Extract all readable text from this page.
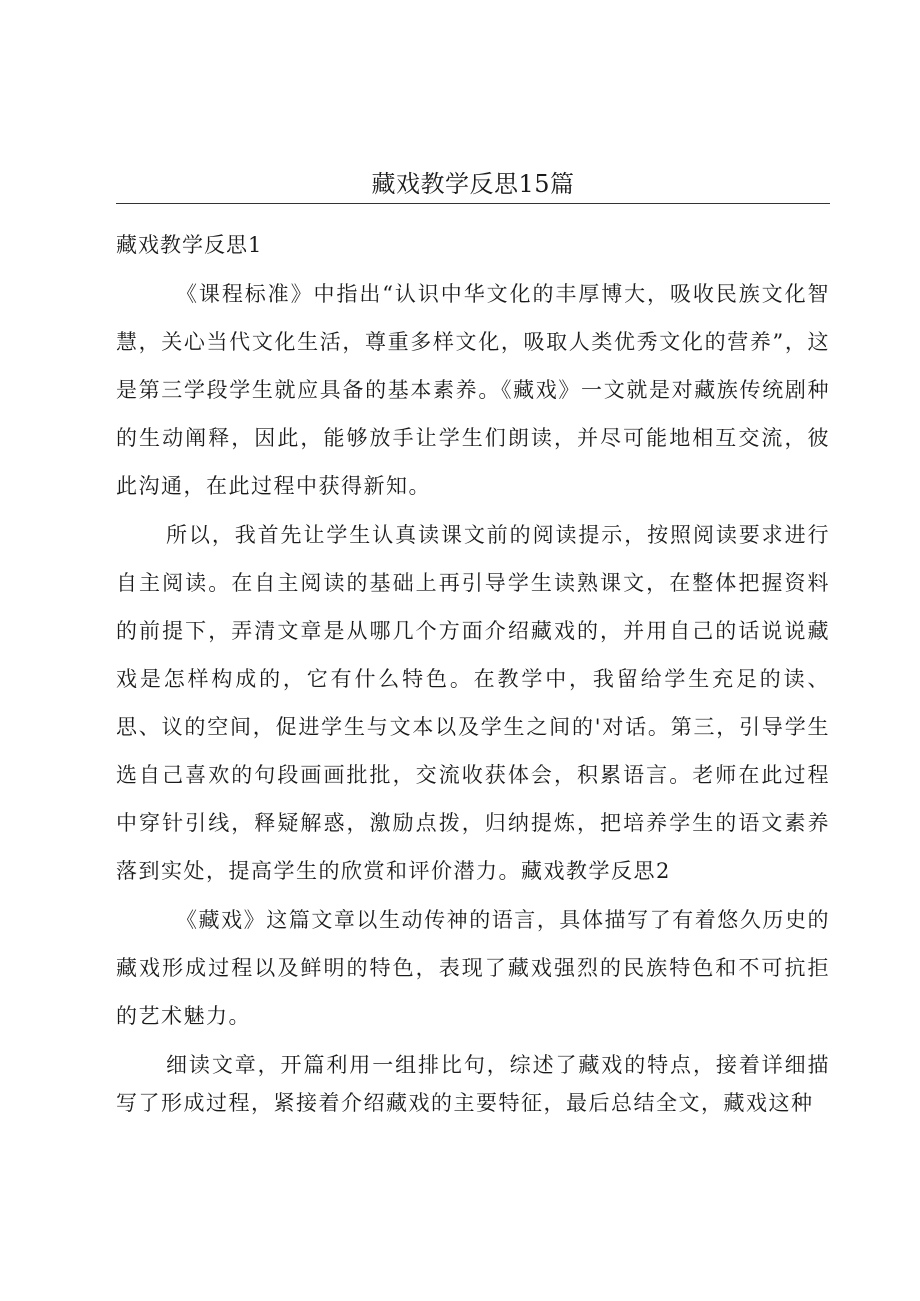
藏戏教学反思15篇
藏戏教学反思1

《课程标准》中指出“认识中华文化的丰厚博大，吸收民族文化智慧，关心当代文化生活，尊重多样文化，吸取人类优秀文化的营养”，这是第三学段学生就应具备的基本素养。《藏戏》一文就是对藏族传统剧种的生动阐释，因此，能够放手让学生们朗读，并尽可能地相互交流，彼此沟通，在此过程中获得新知。

所以，我首先让学生认真读课文前的阅读提示，按照阅读要求进行自主阅读。在自主阅读的基础上再引导学生读熟课文，在整体把握资料的前提下，弄清文章是从哪几个方面介绍藏戏的，并用自己的话说说藏戏是怎样构成的，它有什么特色。在教学中，我留给学生充足的读、思、议的空间，促进学生与文本以及学生之间的'对话。第三，引导学生选自己喜欢的句段画画批批，交流收获体会，积累语言。老师在此过程中穿针引线，释疑解惑，激励点拨，归纳提炼，把培养学生的语文素养落到实处，提高学生的欣赏和评价潜力。藏戏教学反思2

《藏戏》这篇文章以生动传神的语言，具体描写了有着悠久历史的藏戏形成过程以及鲜明的特色，表现了藏戏强烈的民族特色和不可抗拒的艺术魅力。

细读文章，开篇利用一组排比句，综述了藏戏的特点，接着详细描写了形成过程，紧接着介绍藏戏的主要特征，最后总结全文，藏戏这种
